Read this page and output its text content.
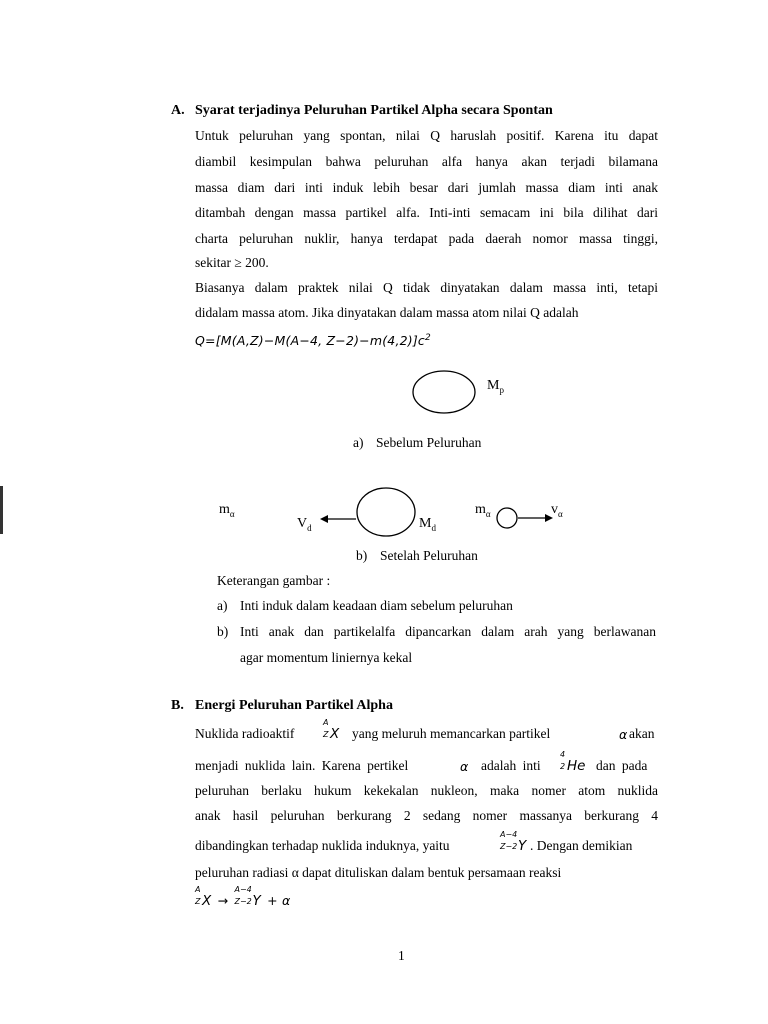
A. Syarat terjadinya Peluruhan Partikel Alpha secara Spontan
Untuk peluruhan yang spontan, nilai Q haruslah positif. Karena itu dapat
diambil kesimpulan bahwa peluruhan alfa hanya akan terjadi bilamana
massa diam dari inti induk lebih besar dari jumlah massa diam inti anak
ditambah dengan massa partikel alfa. Inti-inti semacam ini bila dilihat dari
charta peluruhan nuklir, hanya terdapat pada daerah nomor massa tinggi,
sekitar ≥ 200.
Biasanya dalam praktek nilai Q tidak dinyatakan dalam massa inti, tetapi
didalam massa atom. Jika dinyatakan dalam massa atom nilai Q adalah
Q=[M(A,Z)−M(A−4, $Z-2)-m(4,2)]c^2$
$M_p$
a) Sebelum Peluruhan
$m_\alpha$
$V_d$	$M_d$
$m_\alpha$	$v_\alpha$
b) Setelah Peluruhan
Keterangan gambar :
a) Inti induk dalam keadaan diam sebelum peluruhan
b) Inti anak dan partikelalfa dipancarkan dalam arah yang berlawanan
agar momentum liniernya kekal
B. Energi Peluruhan Partikel Alpha
Nuklida radioaktif
A
Z X yang meluruh memancarkan partikel	α akan
menjadi nuklida lain. Karena pertikel	α adalah inti
4
2 He dan pada
peluruhan berlaku hukum kekekalan nukleon, maka nomer atom nuklida
anak hasil peluruhan berkurang 2 sedang nomer massanya berkurang 4
dibandingkan terhadap nuklida induknya, yaitu
A−4
Z−2 Y . Dengan demikian
peluruhan radiasi α dapat dituliskan dalam bentuk persamaan reaksi
A
Z X →
A−4
Z−2 Y + α
1
